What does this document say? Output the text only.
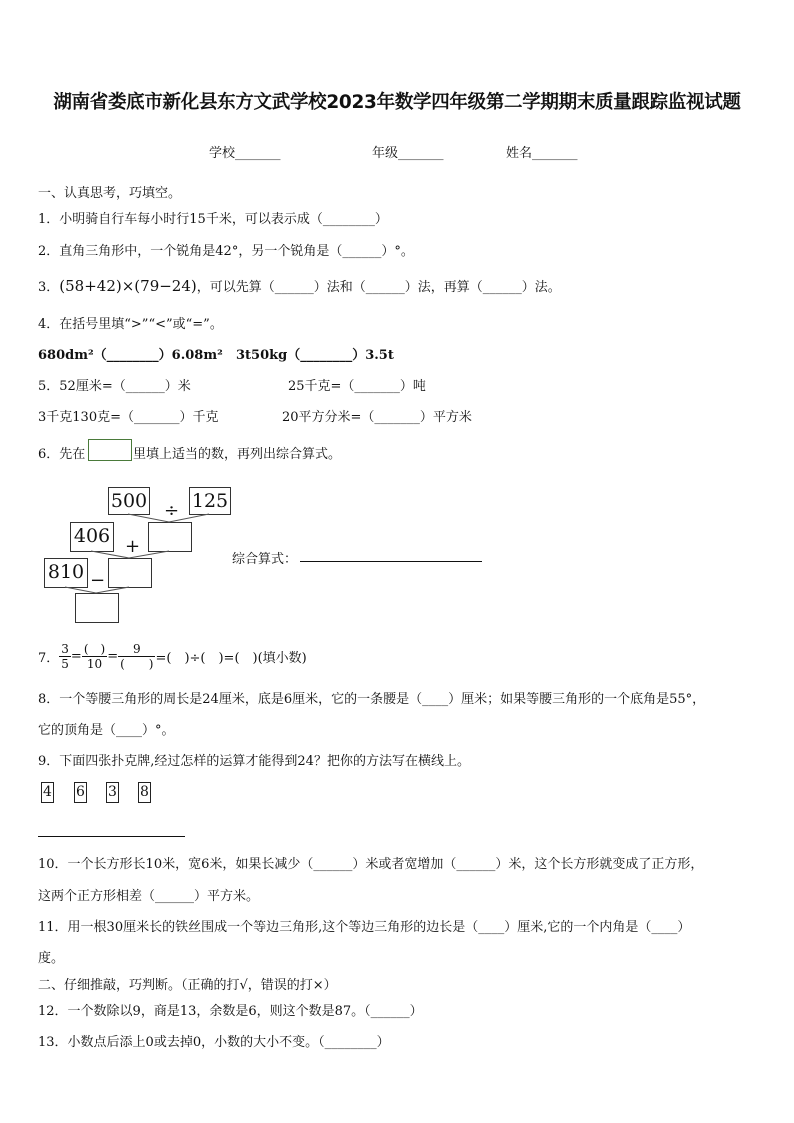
湖南省娄底市新化县东方文武学校2023年数学四年级第二学期期末质量跟踪监视试题
学校_______	年级_______	姓名_______
一、认真思考，巧填空。
1．小明骑自行车每小时行15千米，可以表示成（________）
2．直角三角形中，一个锐角是42°，另一个锐角是（______）°。
3．(58+42)×(79−24)，可以先算（______）法和（______）法，再算（______）法。
4．在括号里填“>”“<”或“=”。
680dm²（________）6.08m² 3t50kg（________）3.5t
5．52厘米=（______）米	25千克=（_______）吨
3千克130克=（_______）千克	20平方分米=（_______）平方米
6．先在	里填上适当的数，再列出综合算式。
500 ÷ 125
406 +
810 −
综合算式：
7． $\frac{3}{5} = \frac{( )}{10} = \frac{9}{( )}$ =(　)÷(　)=(　)(填小数)
8．一个等腰三角形的周长是24厘米，底是6厘米，它的一条腰是（____）厘米；如果等腰三角形的一个底角是55°，
它的顶角是（____）°。
9．下面四张扑克牌,经过怎样的运算才能得到24？把你的方法写在横线上。
4 6 3 8
10．一个长方形长10米，宽6米，如果长减少（______）米或者宽增加（______）米，这个长方形就变成了正方形，
这两个正方形相差（______）平方米。
11．用一根30厘米长的铁丝围成一个等边三角形,这个等边三角形的边长是（____）厘米,它的一个内角是（____）
度。
二、仔细推敲，巧判断。（正确的打√，错误的打×）
12．一个数除以9，商是13，余数是6，则这个数是87。（______）
13．小数点后添上0或去掉0，小数的大小不变。（________）
